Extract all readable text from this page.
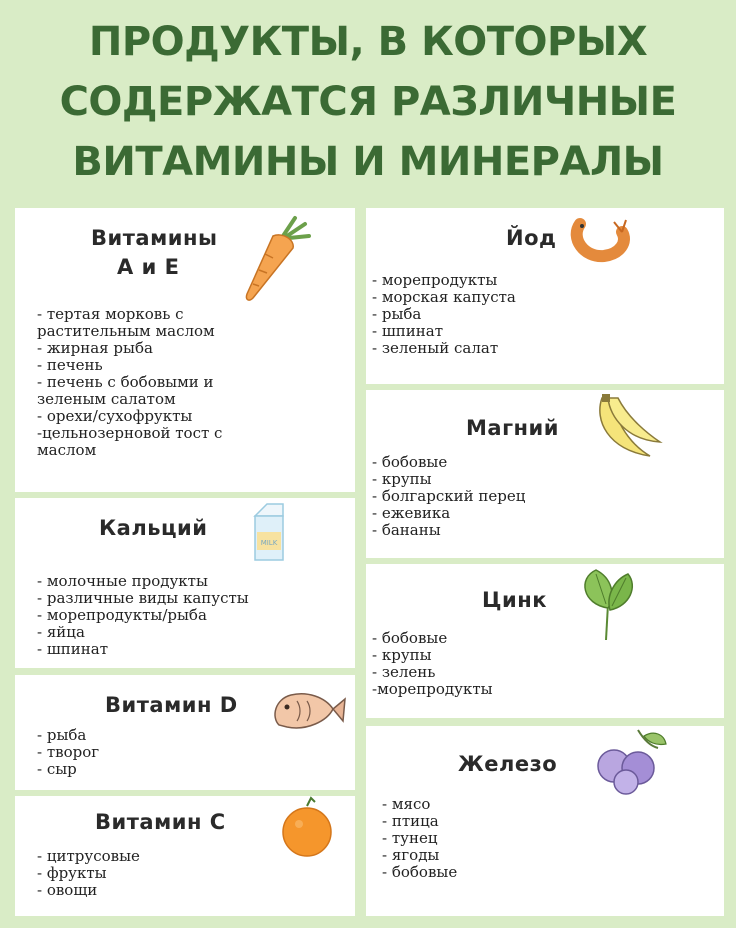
ПРОДУКТЫ, В КОТОРЫХ
СОДЕРЖАТСЯ РАЗЛИЧНЫЕ
ВИТАМИНЫ И МИНЕРАЛЫ
Витамины
А и Е
- тертая морковь с
растительным маслом
- жирная рыба
- печень
- печень с бобовыми и
зеленым салатом
- орехи/сухофрукты
-цельнозерновой тост с
маслом
Кальций
MILK
- молочные продукты
- различные виды капусты
- морепродукты/рыба
- яйца
- шпинат
Витамин D
- рыба
- творог
- сыр
Витамин С
- цитрусовые
- фрукты
- овощи
Йод
- морепродукты
- морская капуста
- рыба
- шпинат
- зеленый салат
Магний
- бобовые
- крупы
- болгарский перец
- ежевика
- бананы
Цинк
- бобовые
- крупы
- зелень
-морепродукты
Железо
- мясо
- птица
- тунец
- ягоды
- бобовые
